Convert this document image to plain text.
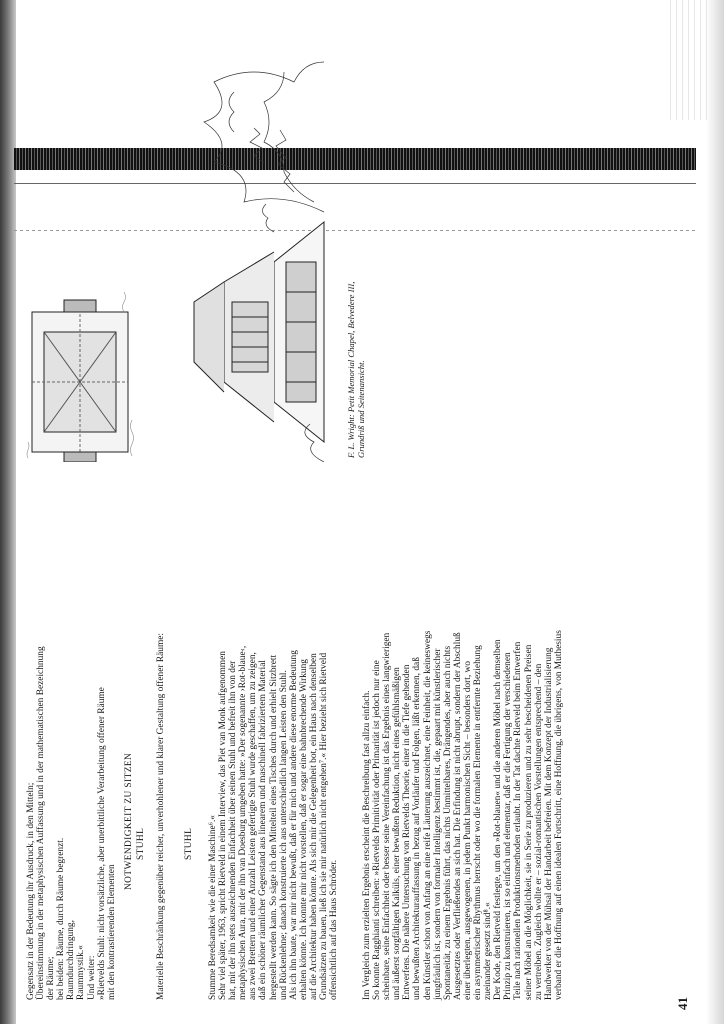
Gegensatz in der Bedeutung ihr Ausdruck, in den Mitteln; Übereinstimmung in der metaphysischen Auffassung und in der mathematischen Bezeichnung der Räume; bei beiden: Räume, durch Räume begrenzt. Raumdurchdringung, Raummystik.« Und weiter: »Rietvelds Stuhl: nicht vorsätzliche, aber unerbittliche Verarbeitung offener Räume mit den kontrastierenden Elementen
NOTWENDIGKEIT ZU SITZEN STUHL Materielle Beschränkung gegenüber reicher, unverhohlener und klarer Gestaltung offener Räume: STUHL Stumme Beredsamkeit wie die einer Maschine⁶.« Sehr viel später, 1963, spricht Rietveld in einem Interview, das Piet van Monk aufgenommen hat, mit der ihn stets auszeichnenden Einfachheit über seinen Stuhl und befreit ihn von der metaphysischen Aura, mit der ihn van Doesburg umgeben hatte: »Der sogenannte ›Rot-blaue‹, aus zwei Brettern und einer Anzahl Leisten gefertigte Stuhl wurde geschaffen, um zu zeigen, daß ein schöner räumlicher Gegenstand aus linearem und maschinell fabriziertem Material hergestellt werden kann. So sägte ich den Mittelteil eines Tisches durch und erhielt Sitzbrett und Rückenlehne; danach konstruierte ich aus unterschiedlich langen Leisten den Stuhl. Als ich ihn baute, war mir nicht bewußt, daß er für mich und andere diese enorme Bedeutung erhalten könnte. Ich konnte mir nicht vorstellen, daß er sogar eine bahnbrechende Wirkung auf die Architektur haben könnte. Als sich mir die Gelegenheit bot, ein Haus nach denselben Grundsätzen zu bauen, ließ ich sie mir natürlich nicht entgehen⁷.« Hier bezieht sich Rietveld offensichtlich auf das Haus Schröder. Im Vergleich zum erzielten Ergebnis erscheint die Beschreibung fast allzu einfach. So konnte Ragghianti schreiben: »Rietvelds Primitivität oder Primarität ist jedoch nur eine scheinbare, seine Einfachheit oder besser seine Vereinfachung ist das Ergebnis eines langwierigen und äußerst sorgfältigen Kalküls, einer bewußten Reduktion, nicht eines gefühlsmäßigen Entwerfens. Die nähere Untersuchung von Rietvelds Theorie, einer in die Tiefe gehenden und bewußten Architekturauffassung in bezug auf Vorläufer und Folgen, läßt erkennen, daß den Künstler schon von Anfang an eine reife Läuterung auszeichnet, eine Feinheit, die keineswegs jungfräulich ist, sondern von formaler Intelligenz bestimmt ist, die, gepaart mit künstlerischer Spontaneität, zu einem Ergebnis führt, das nichts Unmittelbares, Drängendes, aber auch nichts Ausgesetztes oder Verfließendes an sich hat. Die Erfindung ist nicht abrupt, sondern der Abschluß einer überlegten, ausgewogenen, in jedem Punkt harmonischen Sicht – besonders dort, wo ein asymmetrischer Rhythmus herrscht oder wo die formalen Elemente in entfernte Beziehung zueinander gesetzt sind⁸.« Der Kode, den Rietveld festlegte, um den »Rot-blauen« und die anderen Möbel nach demselben Prinzip zu konstruieren, ist so einfach und elementar, daß er die Fertigung der verschiedenen Teile nach rationellen Produktionsmethoden erlaubt. In der Tat dachte Rietveld beim Entwerfen seiner Möbel an die Möglichkeit, sie in Serie zu produzieren und zu sehr bescheidenen Preisen zu vertreiben. Zugleich wollte er – sozial-romantischen Vorstellungen entsprechend – den Handwerker von der Mühsal der Handarbeit befreien. Mit dem Konzept der Industrialisierung verband er die Hoffnung auf einen idealen Fortschritt, eine Hoffnung, die übrigens, von Muthesius
41
F. L. Wright: Petit Memorial Chapel, Belvedere III, Grundriß und Seitenansicht.
